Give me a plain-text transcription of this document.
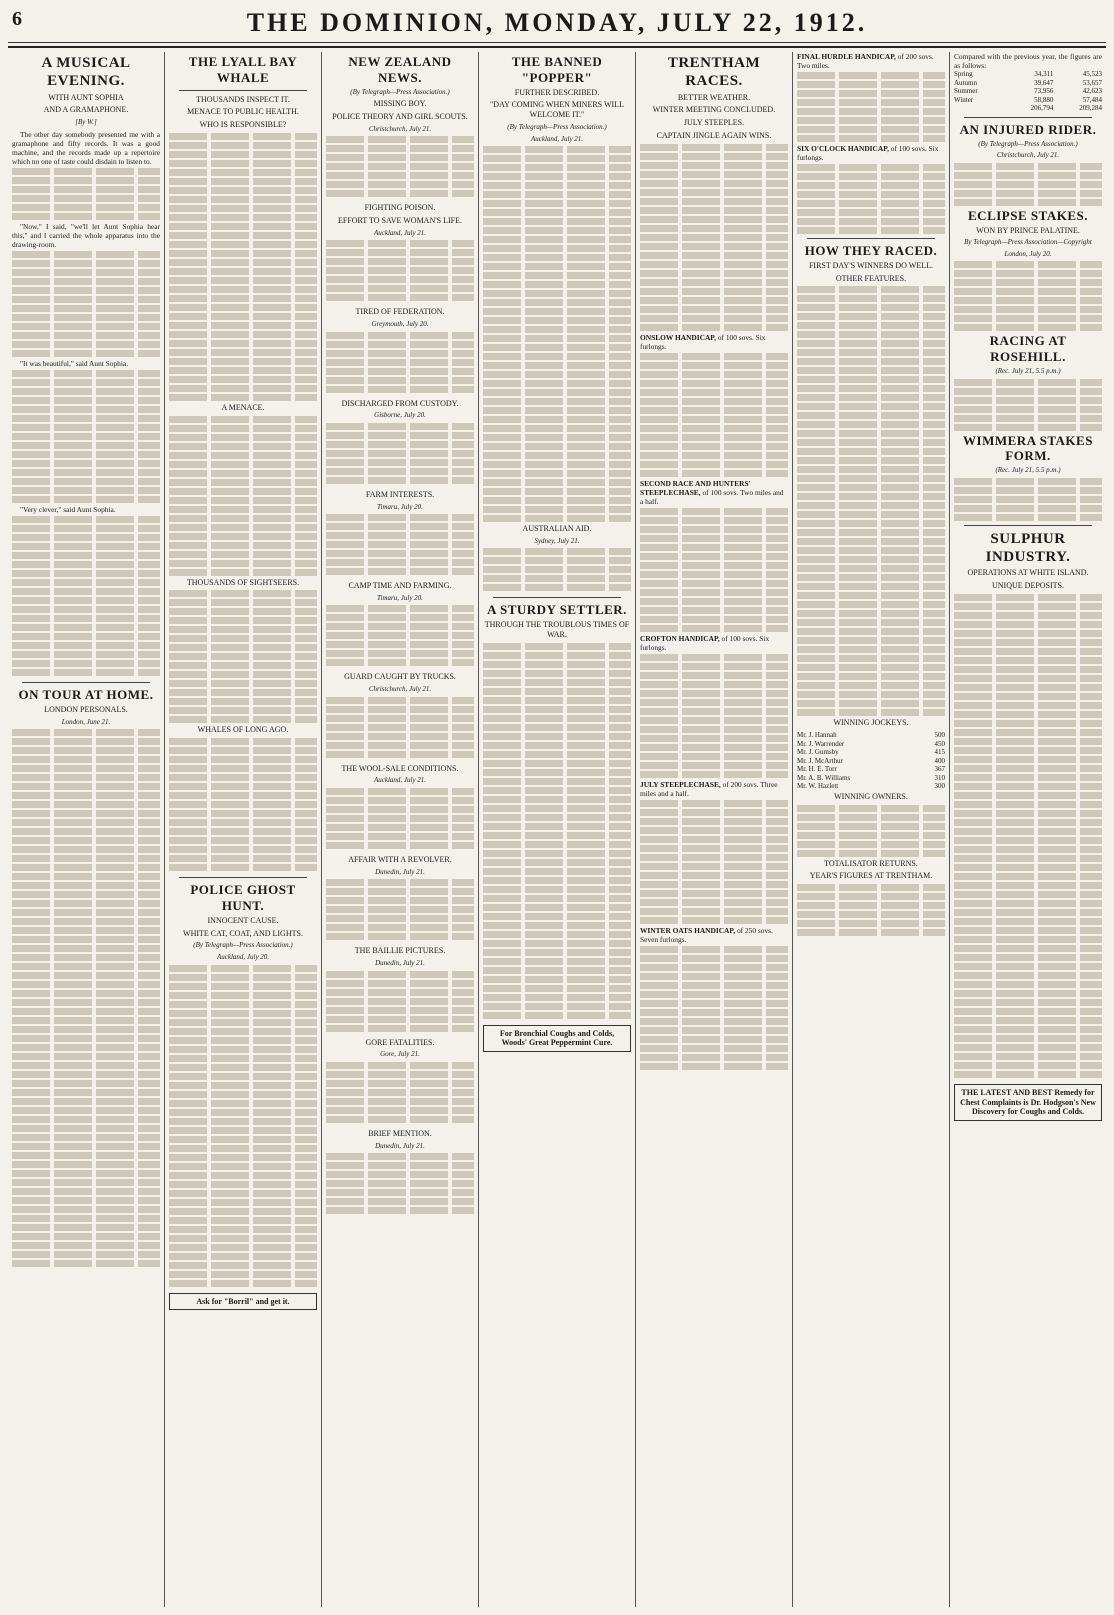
6	THE DOMINION, MONDAY, JULY 22, 1912.
A MUSICAL EVENING.
WITH AUNT SOPHIA
AND A GRAMAPHONE.
[By W.]

The other day somebody presented me with a gramaphone and fifty records. It was a good machine, and the records made up a repertoire which no one of taste could disdain to listen to.

"Now," I said, "we'll let Aunt Sophia hear this," and I carried the whole apparatus into the drawing-room.

"It was beautiful," said Aunt Sophia.

"Very clever," said Aunt Sophia.

ON TOUR AT HOME.
LONDON PERSONALS.
London, June 21.
THE LYALL BAY WHALE
THOUSANDS INSPECT IT.
MENACE TO PUBLIC HEALTH.
WHO IS RESPONSIBLE?
A MENACE.
THOUSANDS OF SIGHTSEERS.
WHALES OF LONG AGO.
POLICE GHOST HUNT.
INNOCENT CAUSE.
WHITE CAT, COAT, AND LIGHTS.
(By Telegraph—Press Association.)
Auckland, July 20.
Ask for "Borril" and get it.
NEW ZEALAND NEWS.
(By Telegraph—Press Association.)
MISSING BOY.
POLICE THEORY AND GIRL SCOUTS.
Christchurch, July 21.
FIGHTING POISON.
EFFORT TO SAVE WOMAN'S LIFE.
Auckland, July 21.
TIRED OF FEDERATION.
Greymouth, July 20.
DISCHARGED FROM CUSTODY.
Gisborne, July 20.
FARM INTERESTS.
Timaru, July 20.
CAMP TIME AND FARMING.
Timaru, July 20.
GUARD CAUGHT BY TRUCKS.
Christchurch, July 21.
THE WOOL-SALE CONDITIONS.
Auckland, July 21.
AFFAIR WITH A REVOLVER.
Dunedin, July 21.
THE BAILLIE PICTURES.
Dunedin, July 21.
GORE FATALITIES.
Gore, July 21.
BRIEF MENTION.
Dunedin, July 21.
THE BANNED "POPPER"
FURTHER DESCRIBED.
"DAY COMING WHEN MINERS WILL WELCOME IT."
(By Telegraph—Press Association.)
Auckland, July 21.
AUSTRALIAN AID.
Sydney, July 21.
A STURDY SETTLER.
THROUGH THE TROUBLOUS TIMES OF WAR.
For Bronchial Coughs and Colds, Woods' Great Peppermint Cure.
TRENTHAM RACES.
BETTER WEATHER.
WINTER MEETING CONCLUDED.
JULY STEEPLES.
CAPTAIN JINGLE AGAIN WINS.
ONSLOW HANDICAP, of 100 sovs. Six furlongs.
SECOND RACE AND HUNTERS' STEEPLECHASE, of 100 sovs. Two miles and a half.
CROFTON HANDICAP, of 100 sovs. Six furlongs.
JULY STEEPLECHASE, of 200 sovs. Three miles and a half.
WINTER OATS HANDICAP, of 250 sovs. Seven furlongs.
FINAL HURDLE HANDICAP, of 200 sovs. Two miles.
SIX O'CLOCK HANDICAP, of 100 sovs. Six furlongs.
HOW THEY RACED.
FIRST DAY'S WINNERS DO WELL.
OTHER FEATURES.
WINNING JOCKEYS.
Mr. J. Hannah	500
Mr. J. Warrender	450
Mr. J. Gumsby	415
Mr. J. McArthur	400
Mr. H. E. Torr	367
Mr. A. B. Williams	310
Mr. W. Hazlett	300
WINNING OWNERS.
TOTALISATOR RETURNS.
YEAR'S FIGURES AT TRENTHAM.
Compared with the previous year, the figures are as follows:
Spring	34,311	45,523
Autumn	39,647	53,657
Summer	73,956	42,623
Winter	58,880	57,484
	206,794	209,284
AN INJURED RIDER.
(By Telegraph—Press Association.)
Christchurch, July 21.
ECLIPSE STAKES.
WON BY PRINCE PALATINE.
By Telegraph—Press Association—Copyright
London, July 20.
RACING AT ROSEHILL.
(Rec. July 21, 5.5 p.m.)
WIMMERA STAKES FORM.
(Rec. July 21, 5.5 p.m.)
SULPHUR INDUSTRY.
OPERATIONS AT WHITE ISLAND.
UNIQUE DEPOSITS.
THE LATEST AND BEST Remedy for Chest Complaints is Dr. Hodgson's New Discovery for Coughs and Colds.
